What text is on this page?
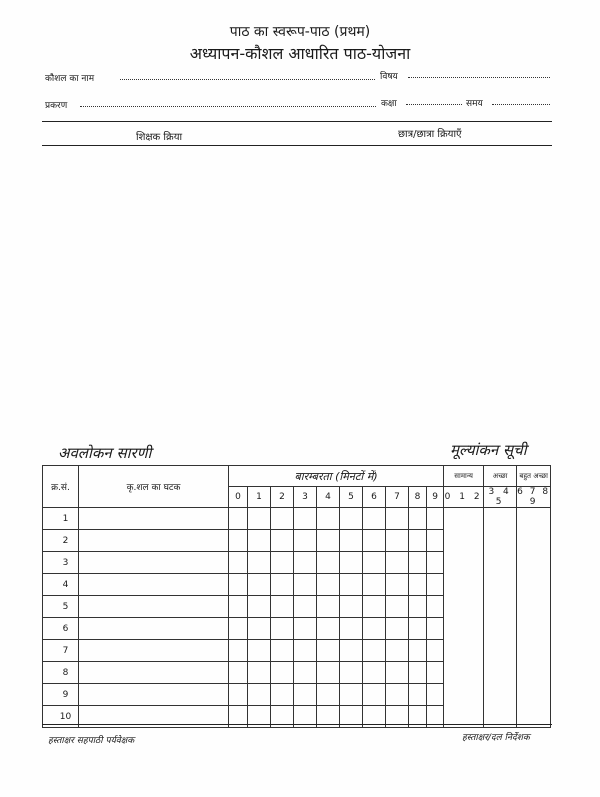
पाठ का स्वरूप-पाठ (प्रथम)
अध्यापन-कौशल आधारित पाठ-योजना
कौशल का नाम	विषय
प्रकरण	कक्षा	समय
शिक्षक क्रिया	छात्र/छात्रा क्रियाएँ
अवलोकन सारणी	मूल्यांकन सूची
क्र.सं.	कृ.शल का घटक	बारम्बरता (मिनटों में)										सामान्य	अच्छा	बहुत अच्छा
		0	1	2	3	4	5	6	7	8	9	0 1 2	3 4 5	6 7 8 9
1														
2														
3														
4														
5														
6														
7														
8														
9														
10														
हस्ताक्षर सहपाठी पर्यवेक्षक	हस्ताक्षर/दल निर्देशक
